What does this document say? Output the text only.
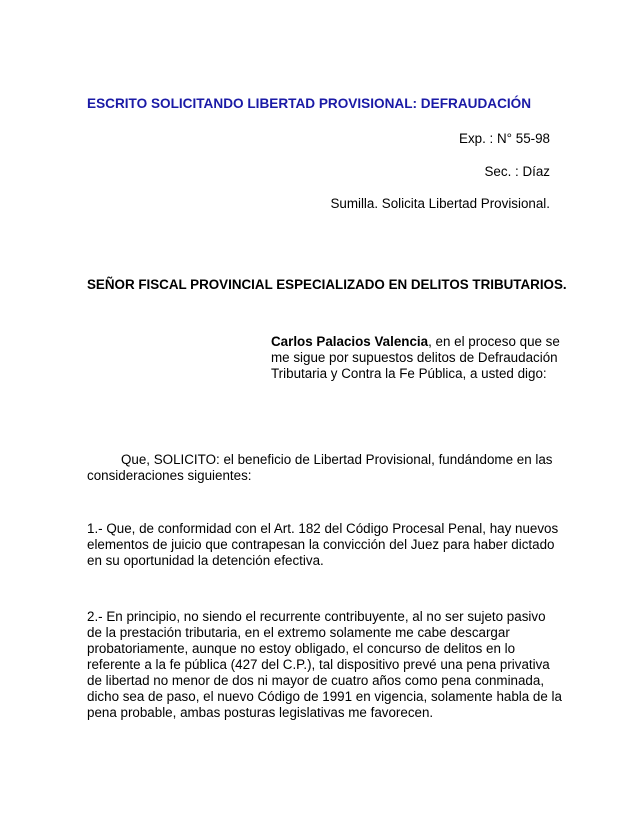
ESCRITO SOLICITANDO LIBERTAD PROVISIONAL: DEFRAUDACIÓN

Exp. : N° 55-98

Sec. : Díaz

Sumilla. Solicita Libertad Provisional.

SEÑOR FISCAL PROVINCIAL ESPECIALIZADO EN DELITOS TRIBUTARIOS.

Carlos Palacios Valencia, en el proceso que se me sigue por supuestos delitos de Defraudación Tributaria y Contra la Fe Pública, a usted digo:

Que, SOLICITO: el beneficio de Libertad Provisional, fundándome en las consideraciones siguientes:

1.- Que, de conformidad con el Art. 182 del Código Procesal Penal, hay nuevos elementos de juicio que contrapesan la convicción del Juez para haber dictado en su oportunidad la detención efectiva.

2.- En principio, no siendo el recurrente contribuyente, al no ser sujeto pasivo de la prestación tributaria, en el extremo solamente me cabe descargar probatoriamente, aunque no estoy obligado, el concurso de delitos en lo referente a la fe pública (427 del C.P.), tal dispositivo prevé una pena privativa de libertad no menor de dos ni mayor de cuatro años como pena conminada, dicho sea de paso, el nuevo Código de 1991 en vigencia, solamente habla de la pena probable, ambas posturas legislativas me favorecen.
